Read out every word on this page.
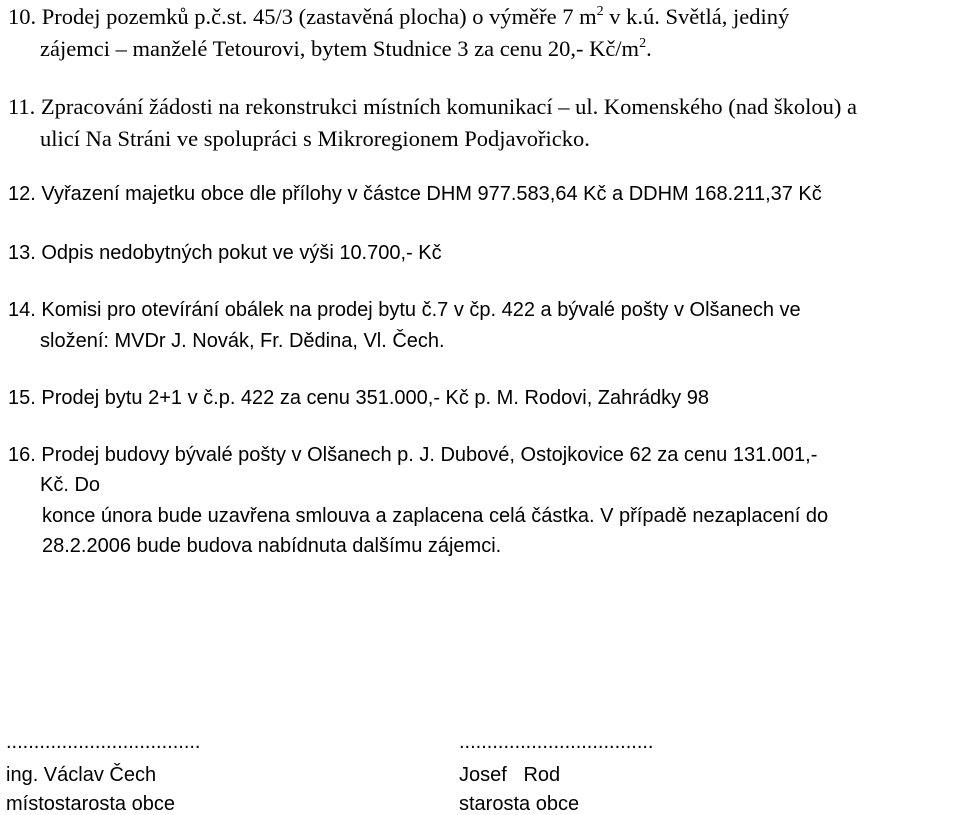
10. Prodej pozemků p.č.st. 45/3 (zastavěná plocha) o výměře 7 $m^2$ v k.ú. Světlá, jediný
zájemci – manželé Tetourovi, bytem Studnice 3 za cenu 20,- $Kč/m^2$.
11. Zpracování žádosti na rekonstrukci místních komunikací – ul. Komenského (nad školou) a
ulicí Na Stráni ve spolupráci s Mikroregionem Podjavořicko.
12. Vyřazení majetku obce dle přílohy v částce DHM 977.583,64 Kč a DDHM 168.211,37 Kč
13. Odpis nedobytných pokut ve výši 10.700,- Kč
14. Komisi pro otevírání obálek na prodej bytu č.7 v čp. 422 a bývalé pošty v Olšanech ve
složení: MVDr J. Novák, Fr. Dědina, Vl. Čech.
15. Prodej bytu 2+1 v č.p. 422 za cenu 351.000,- Kč p. M. Rodovi, Zahrádky 98
16. Prodej budovy bývalé pošty v Olšanech p. J. Dubové, Ostojkovice 62 za cenu 131.001,-
Kč. Do
konce února bude uzavřena smlouva a zaplacena celá částka. V případě nezaplacení do
28.2.2006 bude budova nabídnuta dalšímu zájemci.
...................................
ing. Václav Čech
místostarosta obce
...................................
Josef   Rod
starosta obce
